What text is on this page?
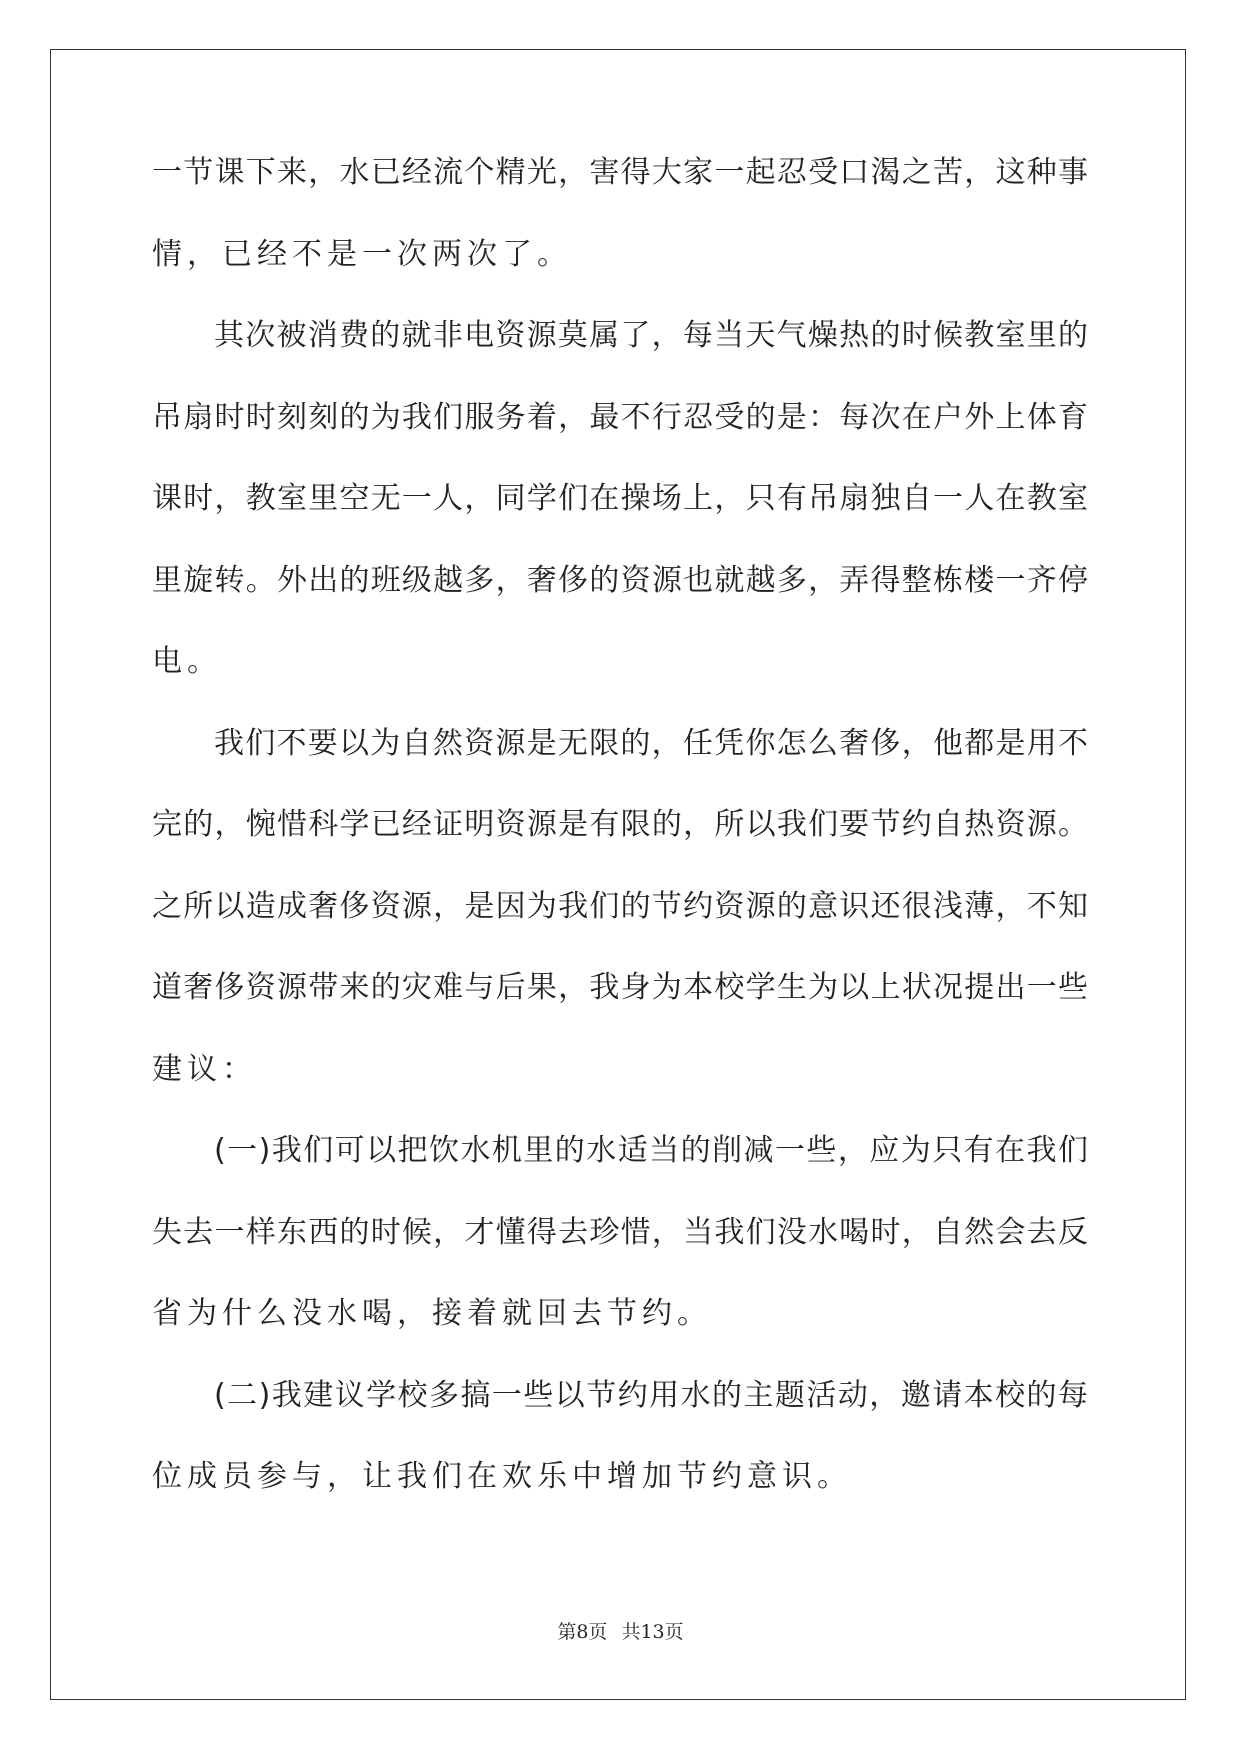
一节课下来，水已经流个精光，害得大家一起忍受口渴之苦，这种事
情，已经不是一次两次了。
其次被消费的就非电资源莫属了，每当天气燥热的时候教室里的
吊扇时时刻刻的为我们服务着，最不行忍受的是：每次在户外上体育
课时，教室里空无一人，同学们在操场上，只有吊扇独自一人在教室
里旋转。外出的班级越多，奢侈的资源也就越多，弄得整栋楼一齐停
电。
我们不要以为自然资源是无限的，任凭你怎么奢侈，他都是用不
完的，惋惜科学已经证明资源是有限的，所以我们要节约自热资源。
之所以造成奢侈资源，是因为我们的节约资源的意识还很浅薄，不知
道奢侈资源带来的灾难与后果，我身为本校学生为以上状况提出一些
建议：
(一)我们可以把饮水机里的水适当的削减一些，应为只有在我们
失去一样东西的时候，才懂得去珍惜，当我们没水喝时，自然会去反
省为什么没水喝，接着就回去节约。
(二)我建议学校多搞一些以节约用水的主题活动，邀请本校的每
位成员参与，让我们在欢乐中增加节约意识。
第8页 共13页
